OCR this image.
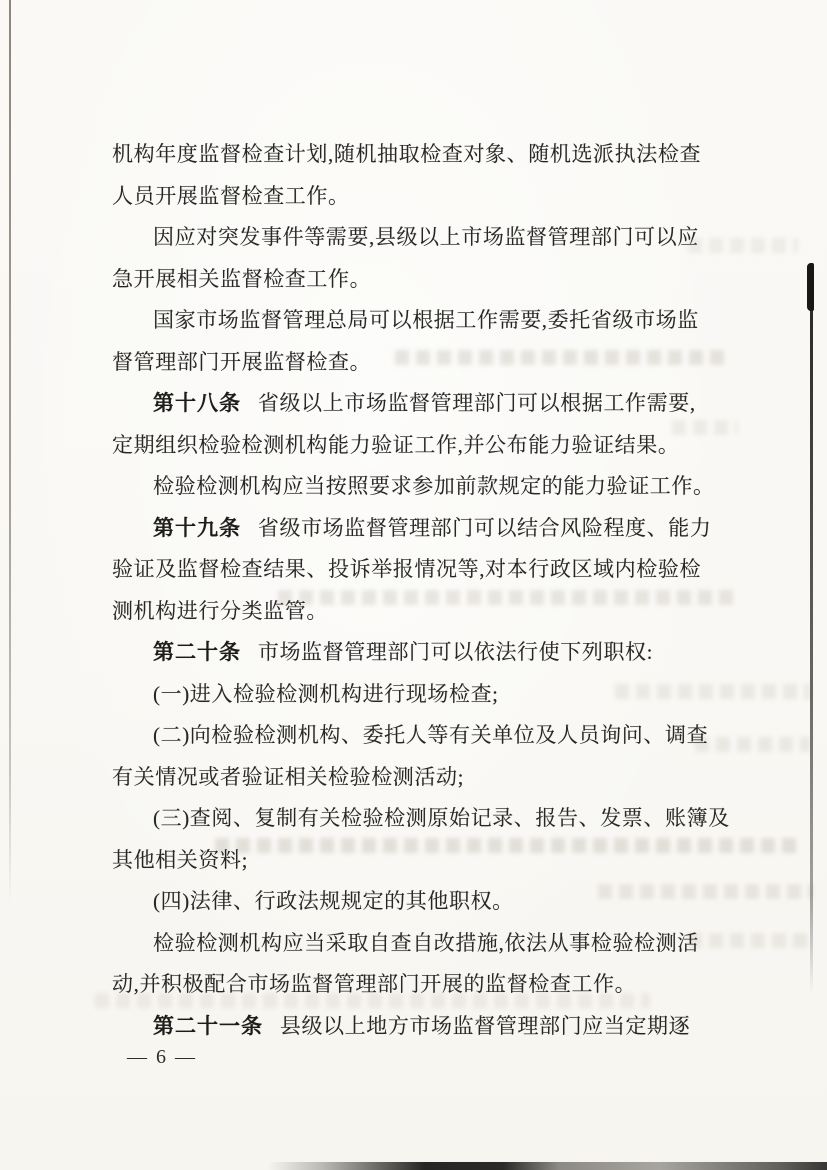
机构年度监督检查计划,随机抽取检查对象、随机选派执法检查
人员开展监督检查工作。
因应对突发事件等需要,县级以上市场监督管理部门可以应
急开展相关监督检查工作。
国家市场监督管理总局可以根据工作需要,委托省级市场监
督管理部门开展监督检查。
第十八条 省级以上市场监督管理部门可以根据工作需要,
定期组织检验检测机构能力验证工作,并公布能力验证结果。
检验检测机构应当按照要求参加前款规定的能力验证工作。
第十九条 省级市场监督管理部门可以结合风险程度、能力
验证及监督检查结果、投诉举报情况等,对本行政区域内检验检
测机构进行分类监管。
第二十条 市场监督管理部门可以依法行使下列职权:
(一)进入检验检测机构进行现场检查;
(二)向检验检测机构、委托人等有关单位及人员询问、调查
有关情况或者验证相关检验检测活动;
(三)查阅、复制有关检验检测原始记录、报告、发票、账簿及
其他相关资料;
(四)法律、行政法规规定的其他职权。
检验检测机构应当采取自查自改措施,依法从事检验检测活
动,并积极配合市场监督管理部门开展的监督检查工作。
第二十一条 县级以上地方市场监督管理部门应当定期逐
— 6 —
